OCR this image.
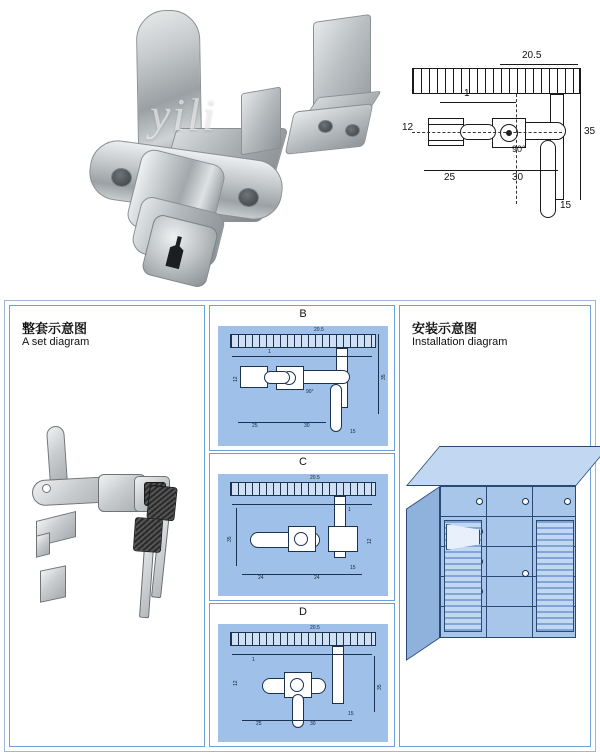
yili
20.5
1
35
12
25	30
15
90°
整套示意图
A set diagram
B
20.5
1
35
12
25	30
15
90°
C
20.5
1
35	12
24	24
15
D
20.5
1
35
12
25	30
15
安装示意图
Installation diagram
